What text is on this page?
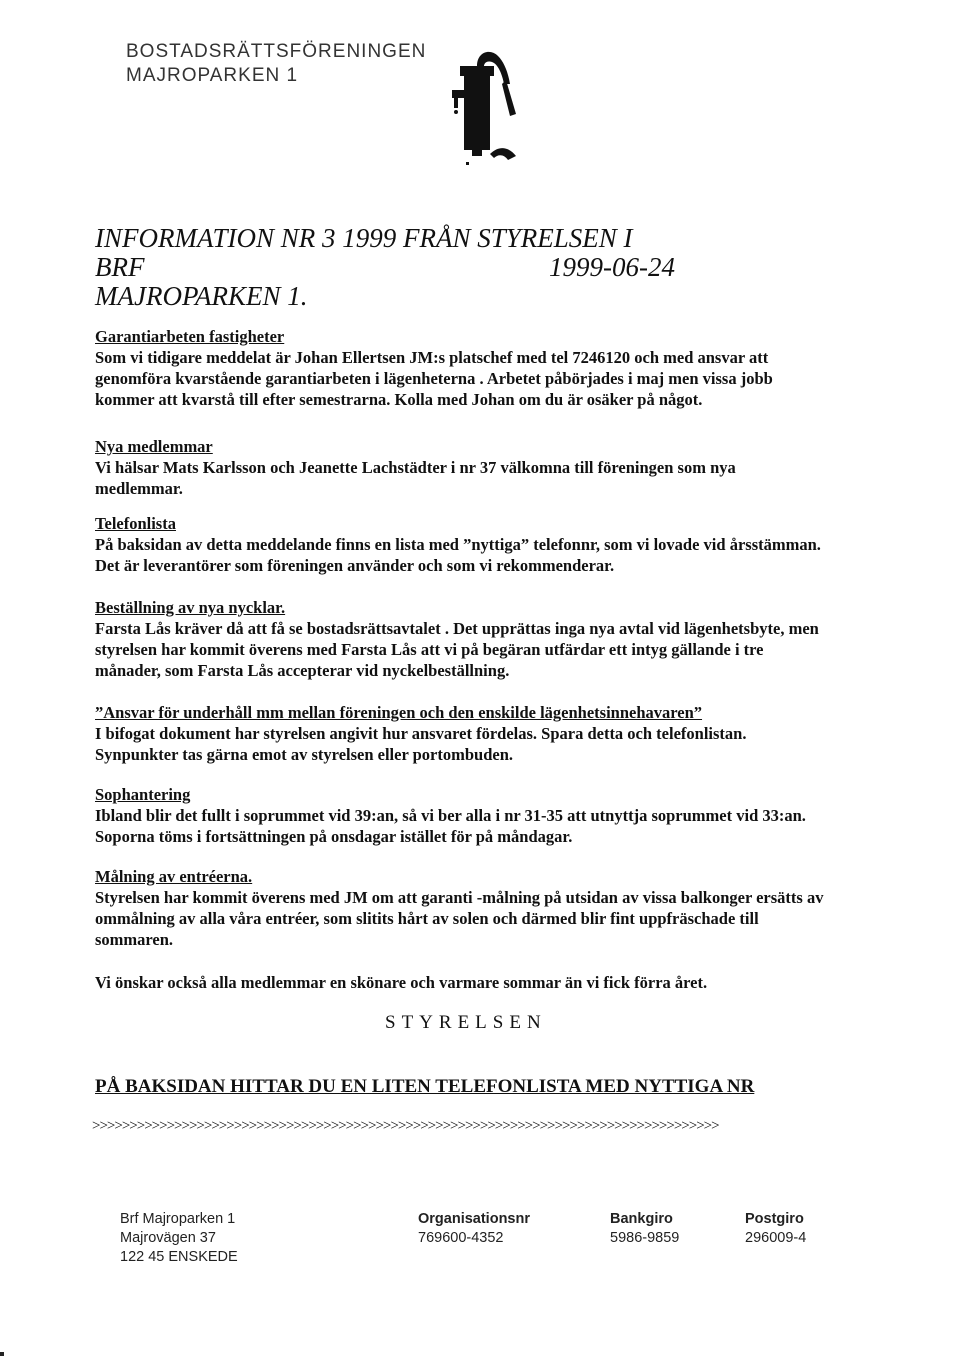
BOSTADSRÄTTSFÖRENINGEN
MAJROPARKEN 1
INFORMATION NR 3 1999 FRÅN STYRELSEN I BRF
MAJROPARKEN 1.
1999-06-24
Garantiarbeten fastigheter
Som vi tidigare meddelat är Johan Ellertsen JM:s platschef med tel 7246120 och med ansvar att genomföra kvarstående garantiarbeten i lägenheterna . Arbetet påbörjades i maj men vissa jobb kommer att kvarstå till efter semestrarna. Kolla med Johan om du är osäker på något.
Nya medlemmar
Vi hälsar Mats Karlsson och Jeanette Lachstädter i nr 37 välkomna till föreningen som nya medlemmar.
Telefonlista
På baksidan av detta meddelande finns en lista med ”nyttiga” telefonnr, som vi lovade vid årsstämman. Det är leverantörer som föreningen använder och som vi rekommenderar.
Beställning av nya nycklar.
Farsta Lås kräver då att få se bostadsrättsavtalet . Det upprättas inga nya avtal vid lägenhetsbyte, men styrelsen har kommit överens med Farsta Lås att vi på begäran utfärdar ett intyg gällande i tre månader, som Farsta Lås accepterar vid nyckelbeställning.
”Ansvar för underhåll mm mellan föreningen och den enskilde lägenhetsinnehavaren”
I bifogat dokument har styrelsen angivit hur ansvaret fördelas. Spara detta och telefonlistan. Synpunkter tas gärna emot av styrelsen eller portombuden.
Sophantering
Ibland blir det fullt i soprummet vid 39:an, så vi ber alla i nr 31-35 att utnyttja soprummet vid 33:an. Soporna töms i fortsättningen på onsdagar istället för på måndagar.
Målning av entréerna.
Styrelsen har kommit överens med JM om att garanti -målning på utsidan av vissa balkonger ersätts av ommålning av alla våra entréer, som slitits hårt av solen och därmed blir fint uppfräschade till sommaren.
Vi önskar också alla medlemmar en skönare och varmare sommar än vi fick förra året.
STYRELSEN
PÅ BAKSIDAN HITTAR DU EN LITEN TELEFONLISTA MED NYTTIGA NR
>>>>>>>>>>>>>>>>>>>>>>>>>>>>>>>>>>>>>>>>>>>>>>>>>>>>>>>>>>>>>>>>>>>>>>>>>>>>>>>>>>>>
Brf Majroparken 1
Majrovägen 37
122 45 ENSKEDE
Organisationsnr
769600-4352
Bankgiro
5986-9859
Postgiro
296009-4
